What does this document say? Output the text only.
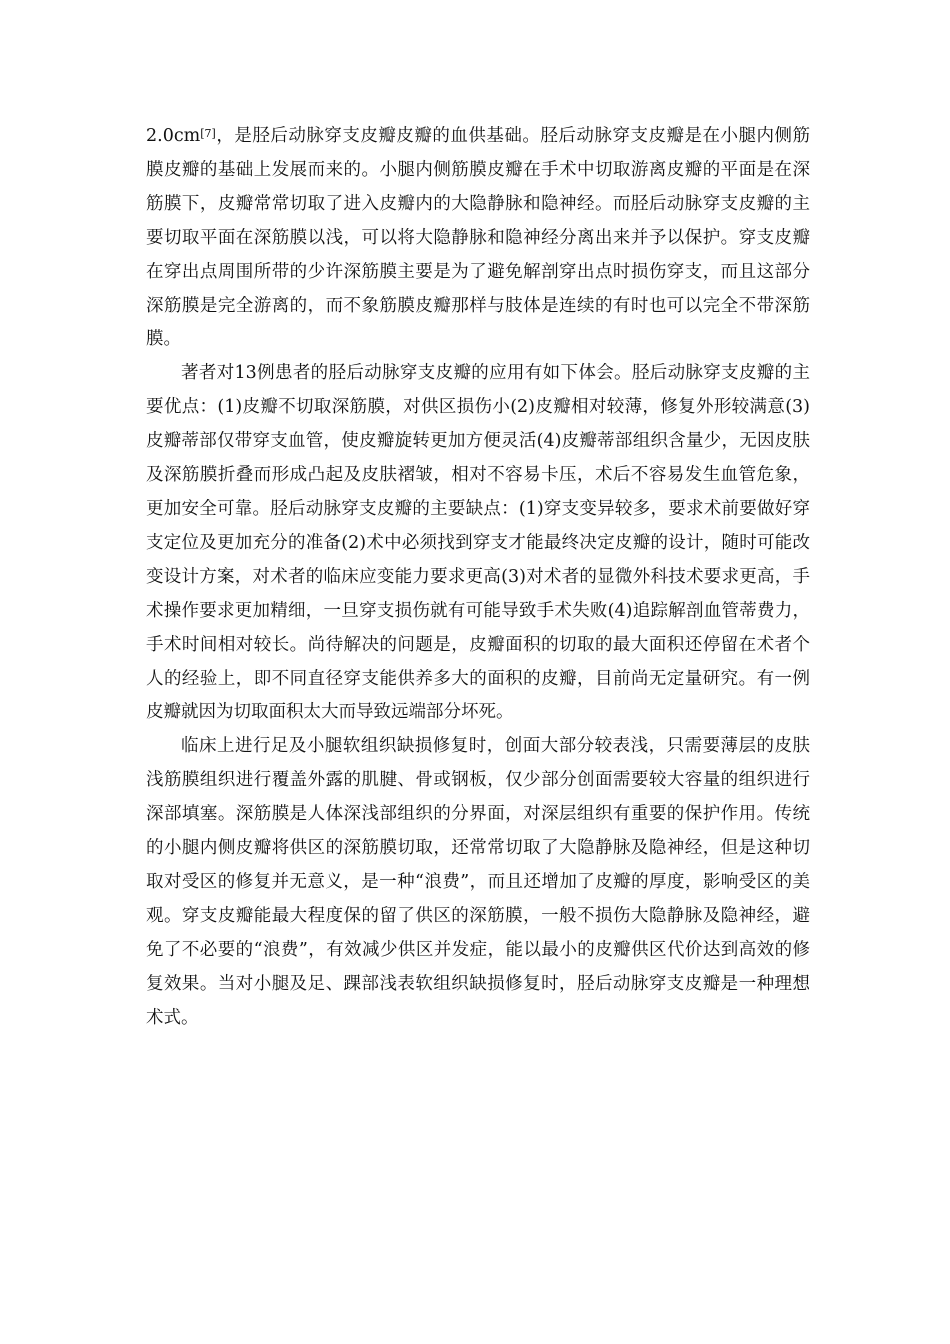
2.0cm[7]，是胫后动脉穿支皮瓣皮瓣的血供基础。胫后动脉穿支皮瓣是在小腿内侧筋膜皮瓣的基础上发展而来的。小腿内侧筋膜皮瓣在手术中切取游离皮瓣的平面是在深筋膜下，皮瓣常常切取了进入皮瓣内的大隐静脉和隐神经。而胫后动脉穿支皮瓣的主要切取平面在深筋膜以浅，可以将大隐静脉和隐神经分离出来并予以保护。穿支皮瓣在穿出点周围所带的少许深筋膜主要是为了避免解剖穿出点时损伤穿支，而且这部分深筋膜是完全游离的，而不象筋膜皮瓣那样与肢体是连续的有时也可以完全不带深筋膜。

著者对13例患者的胫后动脉穿支皮瓣的应用有如下体会。胫后动脉穿支皮瓣的主要优点：(1)皮瓣不切取深筋膜，对供区损伤小(2)皮瓣相对较薄，修复外形较满意(3)皮瓣蒂部仅带穿支血管，使皮瓣旋转更加方便灵活(4)皮瓣蒂部组织含量少，无因皮肤及深筋膜折叠而形成凸起及皮肤褶皱，相对不容易卡压，术后不容易发生血管危象，更加安全可靠。胫后动脉穿支皮瓣的主要缺点：(1)穿支变异较多，要求术前要做好穿支定位及更加充分的准备(2)术中必须找到穿支才能最终决定皮瓣的设计，随时可能改变设计方案，对术者的临床应变能力要求更高(3)对术者的显微外科技术要求更高，手术操作要求更加精细，一旦穿支损伤就有可能导致手术失败(4)追踪解剖血管蒂费力，手术时间相对较长。尚待解决的问题是，皮瓣面积的切取的最大面积还停留在术者个人的经验上，即不同直径穿支能供养多大的面积的皮瓣，目前尚无定量研究。有一例皮瓣就因为切取面积太大而导致远端部分坏死。

临床上进行足及小腿软组织缺损修复时，创面大部分较表浅，只需要薄层的皮肤浅筋膜组织进行覆盖外露的肌腱、骨或钢板，仅少部分创面需要较大容量的组织进行深部填塞。深筋膜是人体深浅部组织的分界面，对深层组织有重要的保护作用。传统的小腿内侧皮瓣将供区的深筋膜切取，还常常切取了大隐静脉及隐神经，但是这种切取对受区的修复并无意义，是一种“浪费”，而且还增加了皮瓣的厚度，影响受区的美观。穿支皮瓣能最大程度保的留了供区的深筋膜，一般不损伤大隐静脉及隐神经，避免了不必要的“浪费”，有效减少供区并发症，能以最小的皮瓣供区代价达到高效的修复效果。当对小腿及足、踝部浅表软组织缺损修复时，胫后动脉穿支皮瓣是一种理想术式。
